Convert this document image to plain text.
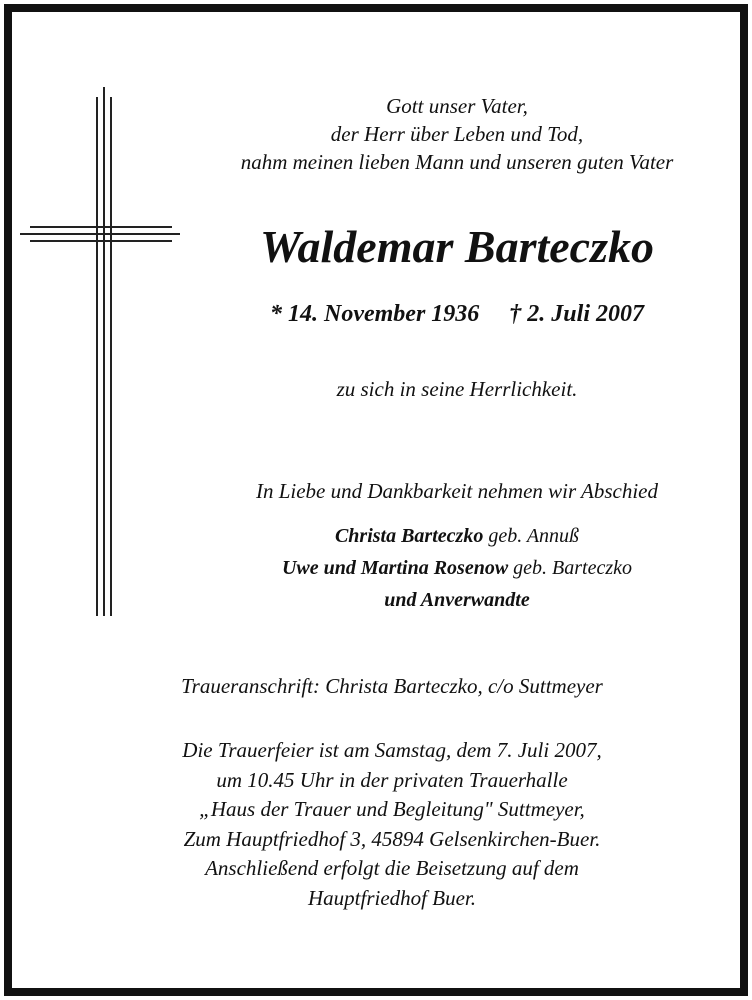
Gott unser Vater,
der Herr über Leben und Tod,
nahm meinen lieben Mann und unseren guten Vater
Waldemar Barteczko
* 14. November 1936 † 2. Juli 2007
zu sich in seine Herrlichkeit.
In Liebe und Dankbarkeit nehmen wir Abschied
Christa Barteczko geb. Annuß
Uwe und Martina Rosenow geb. Barteczko
und Anverwandte
Traueranschrift: Christa Barteczko, c/o Suttmeyer
Die Trauerfeier ist am Samstag, dem 7. Juli 2007,
um 10.45 Uhr in der privaten Trauerhalle
„Haus der Trauer und Begleitung" Suttmeyer,
Zum Hauptfriedhof 3, 45894 Gelsenkirchen-Buer.
Anschließend erfolgt die Beisetzung auf dem
Hauptfriedhof Buer.
